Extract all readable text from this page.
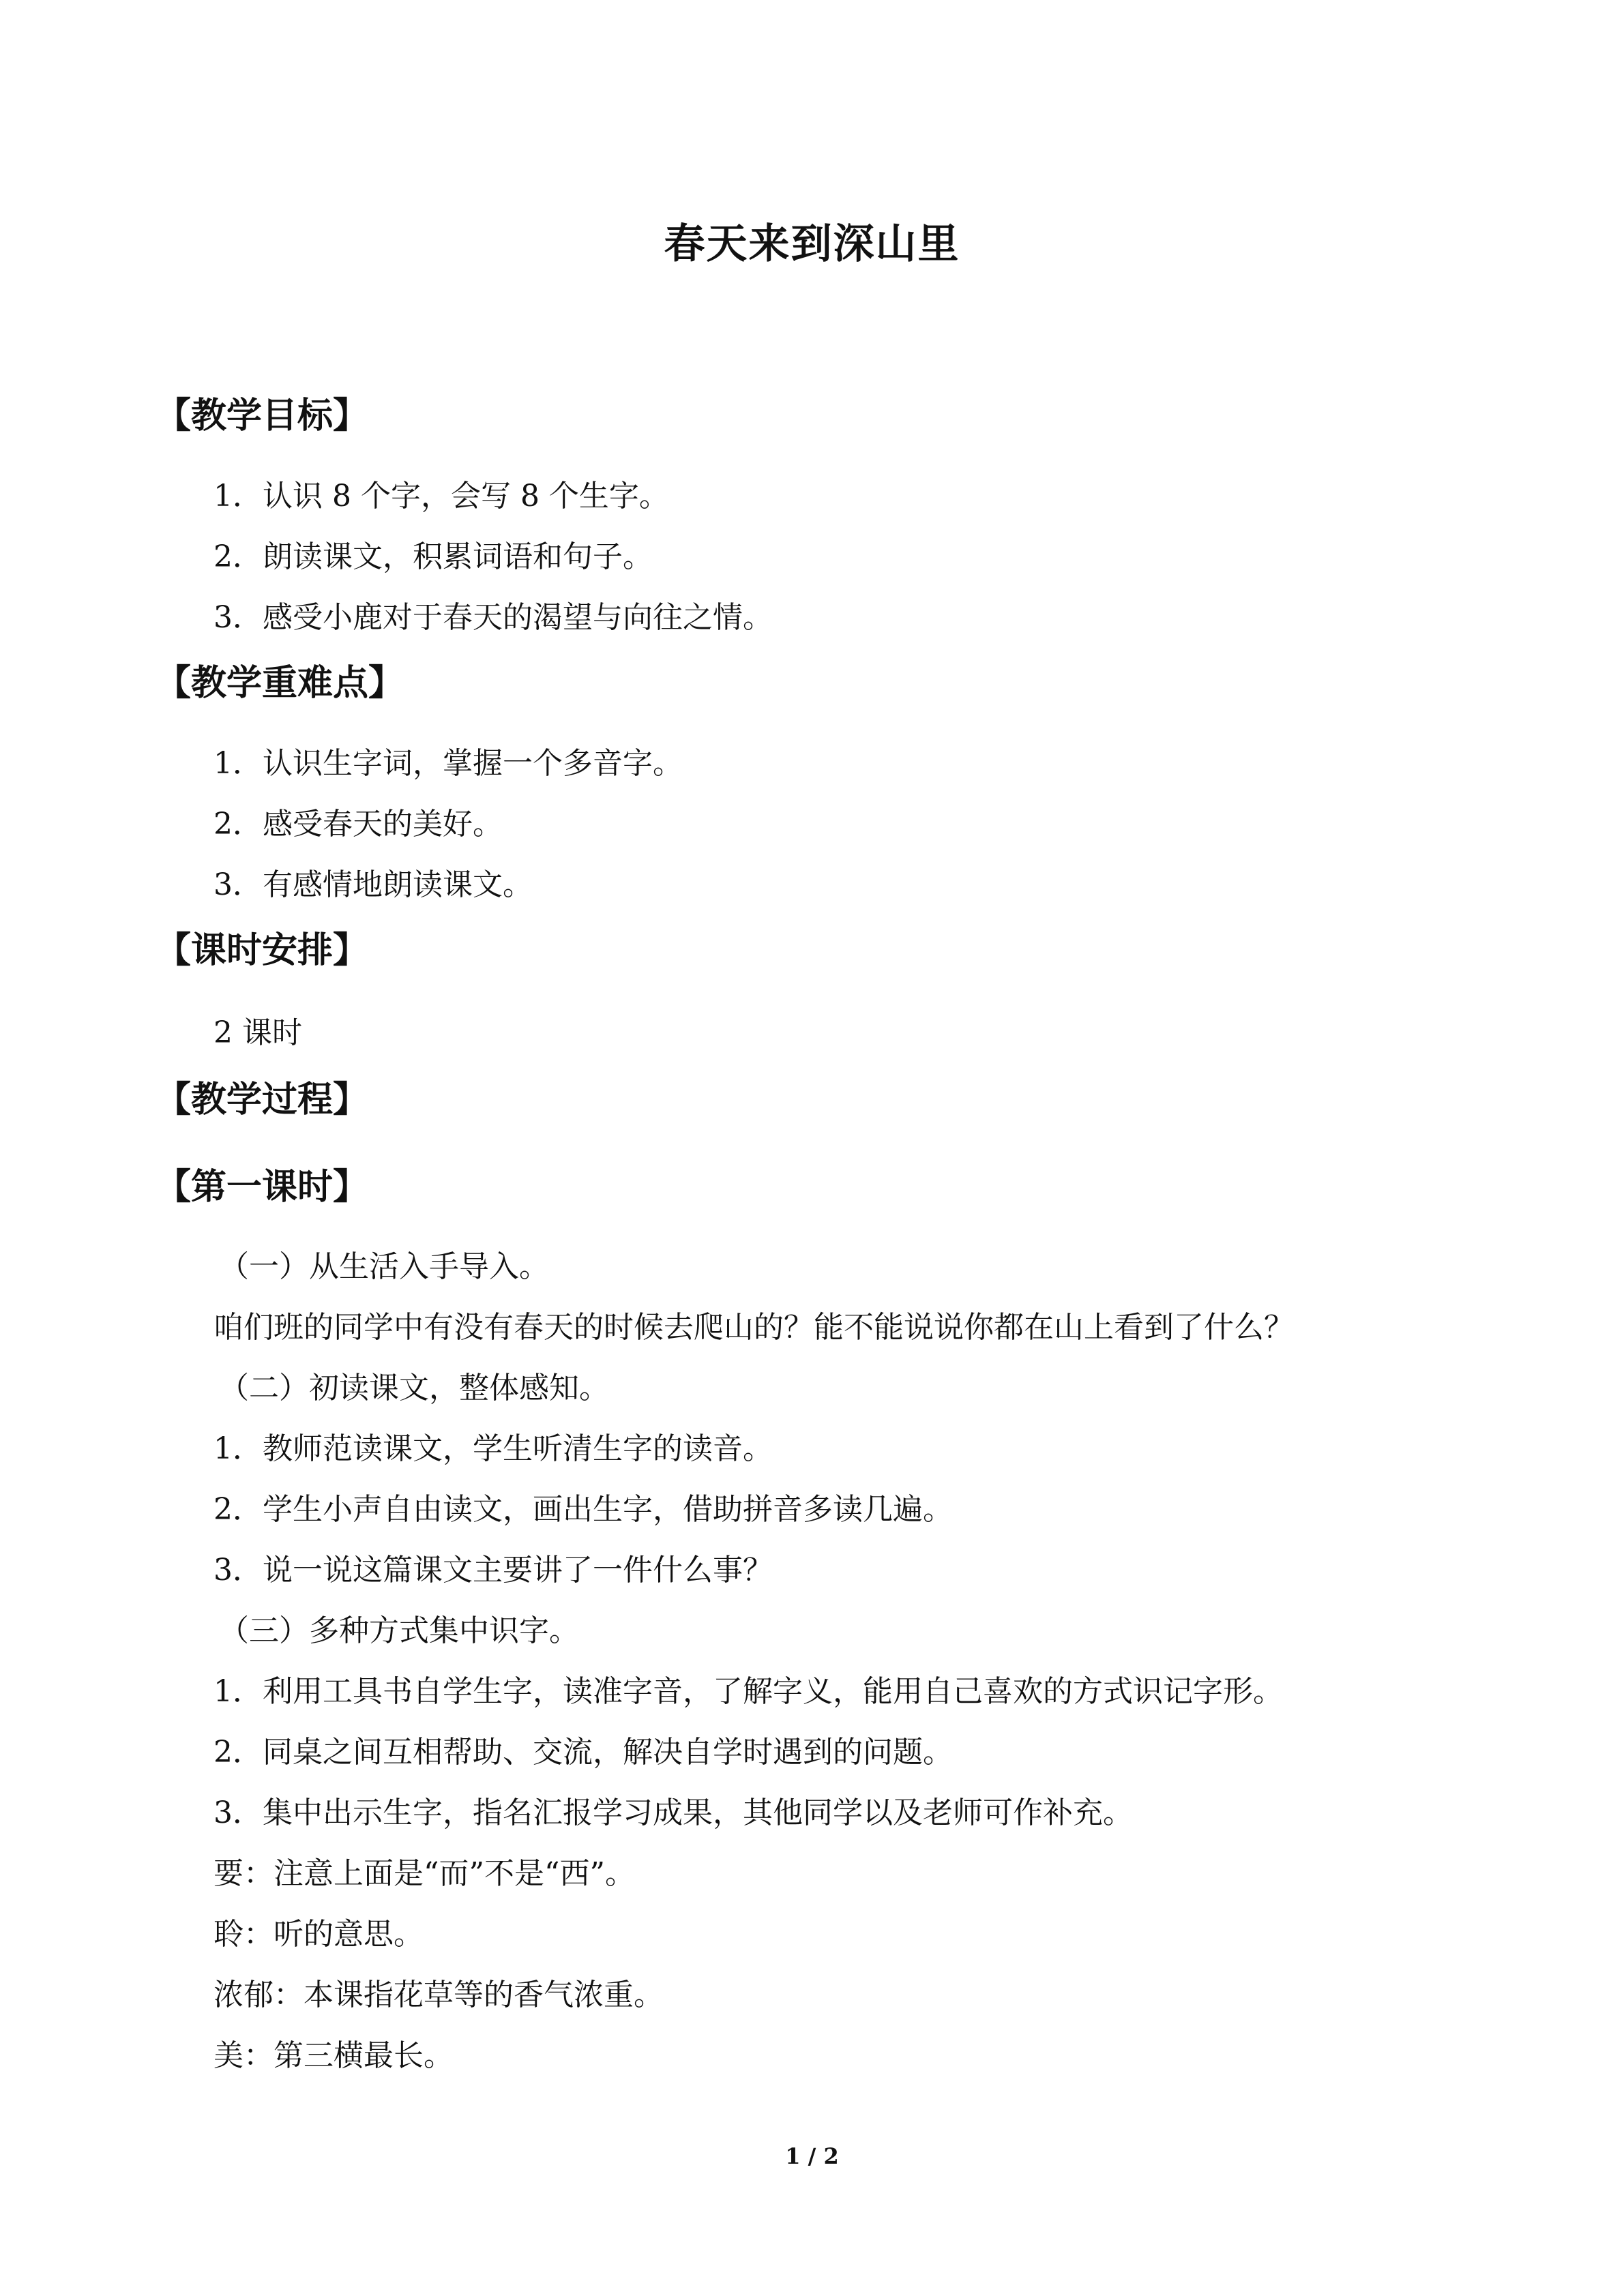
春天来到深山里
【教学目标】
1．认识 8 个字，会写 8 个生字。
2．朗读课文，积累词语和句子。
3．感受小鹿对于春天的渴望与向往之情。
【教学重难点】
1．认识生字词，掌握一个多音字。
2．感受春天的美好。
3．有感情地朗读课文。
【课时安排】
2 课时
【教学过程】
【第一课时】
（一）从生活入手导入。
咱们班的同学中有没有春天的时候去爬山的？能不能说说你都在山上看到了什么？
（二）初读课文，整体感知。
1．教师范读课文，学生听清生字的读音。
2．学生小声自由读文，画出生字，借助拼音多读几遍。
3．说一说这篇课文主要讲了一件什么事？
（三）多种方式集中识字。
1．利用工具书自学生字，读准字音，了解字义，能用自己喜欢的方式识记字形。
2．同桌之间互相帮助、交流，解决自学时遇到的问题。
3．集中出示生字，指名汇报学习成果，其他同学以及老师可作补充。
要：注意上面是“而”不是“西”。
聆：听的意思。
浓郁：本课指花草等的香气浓重。
美：第三横最长。
1 / 2
